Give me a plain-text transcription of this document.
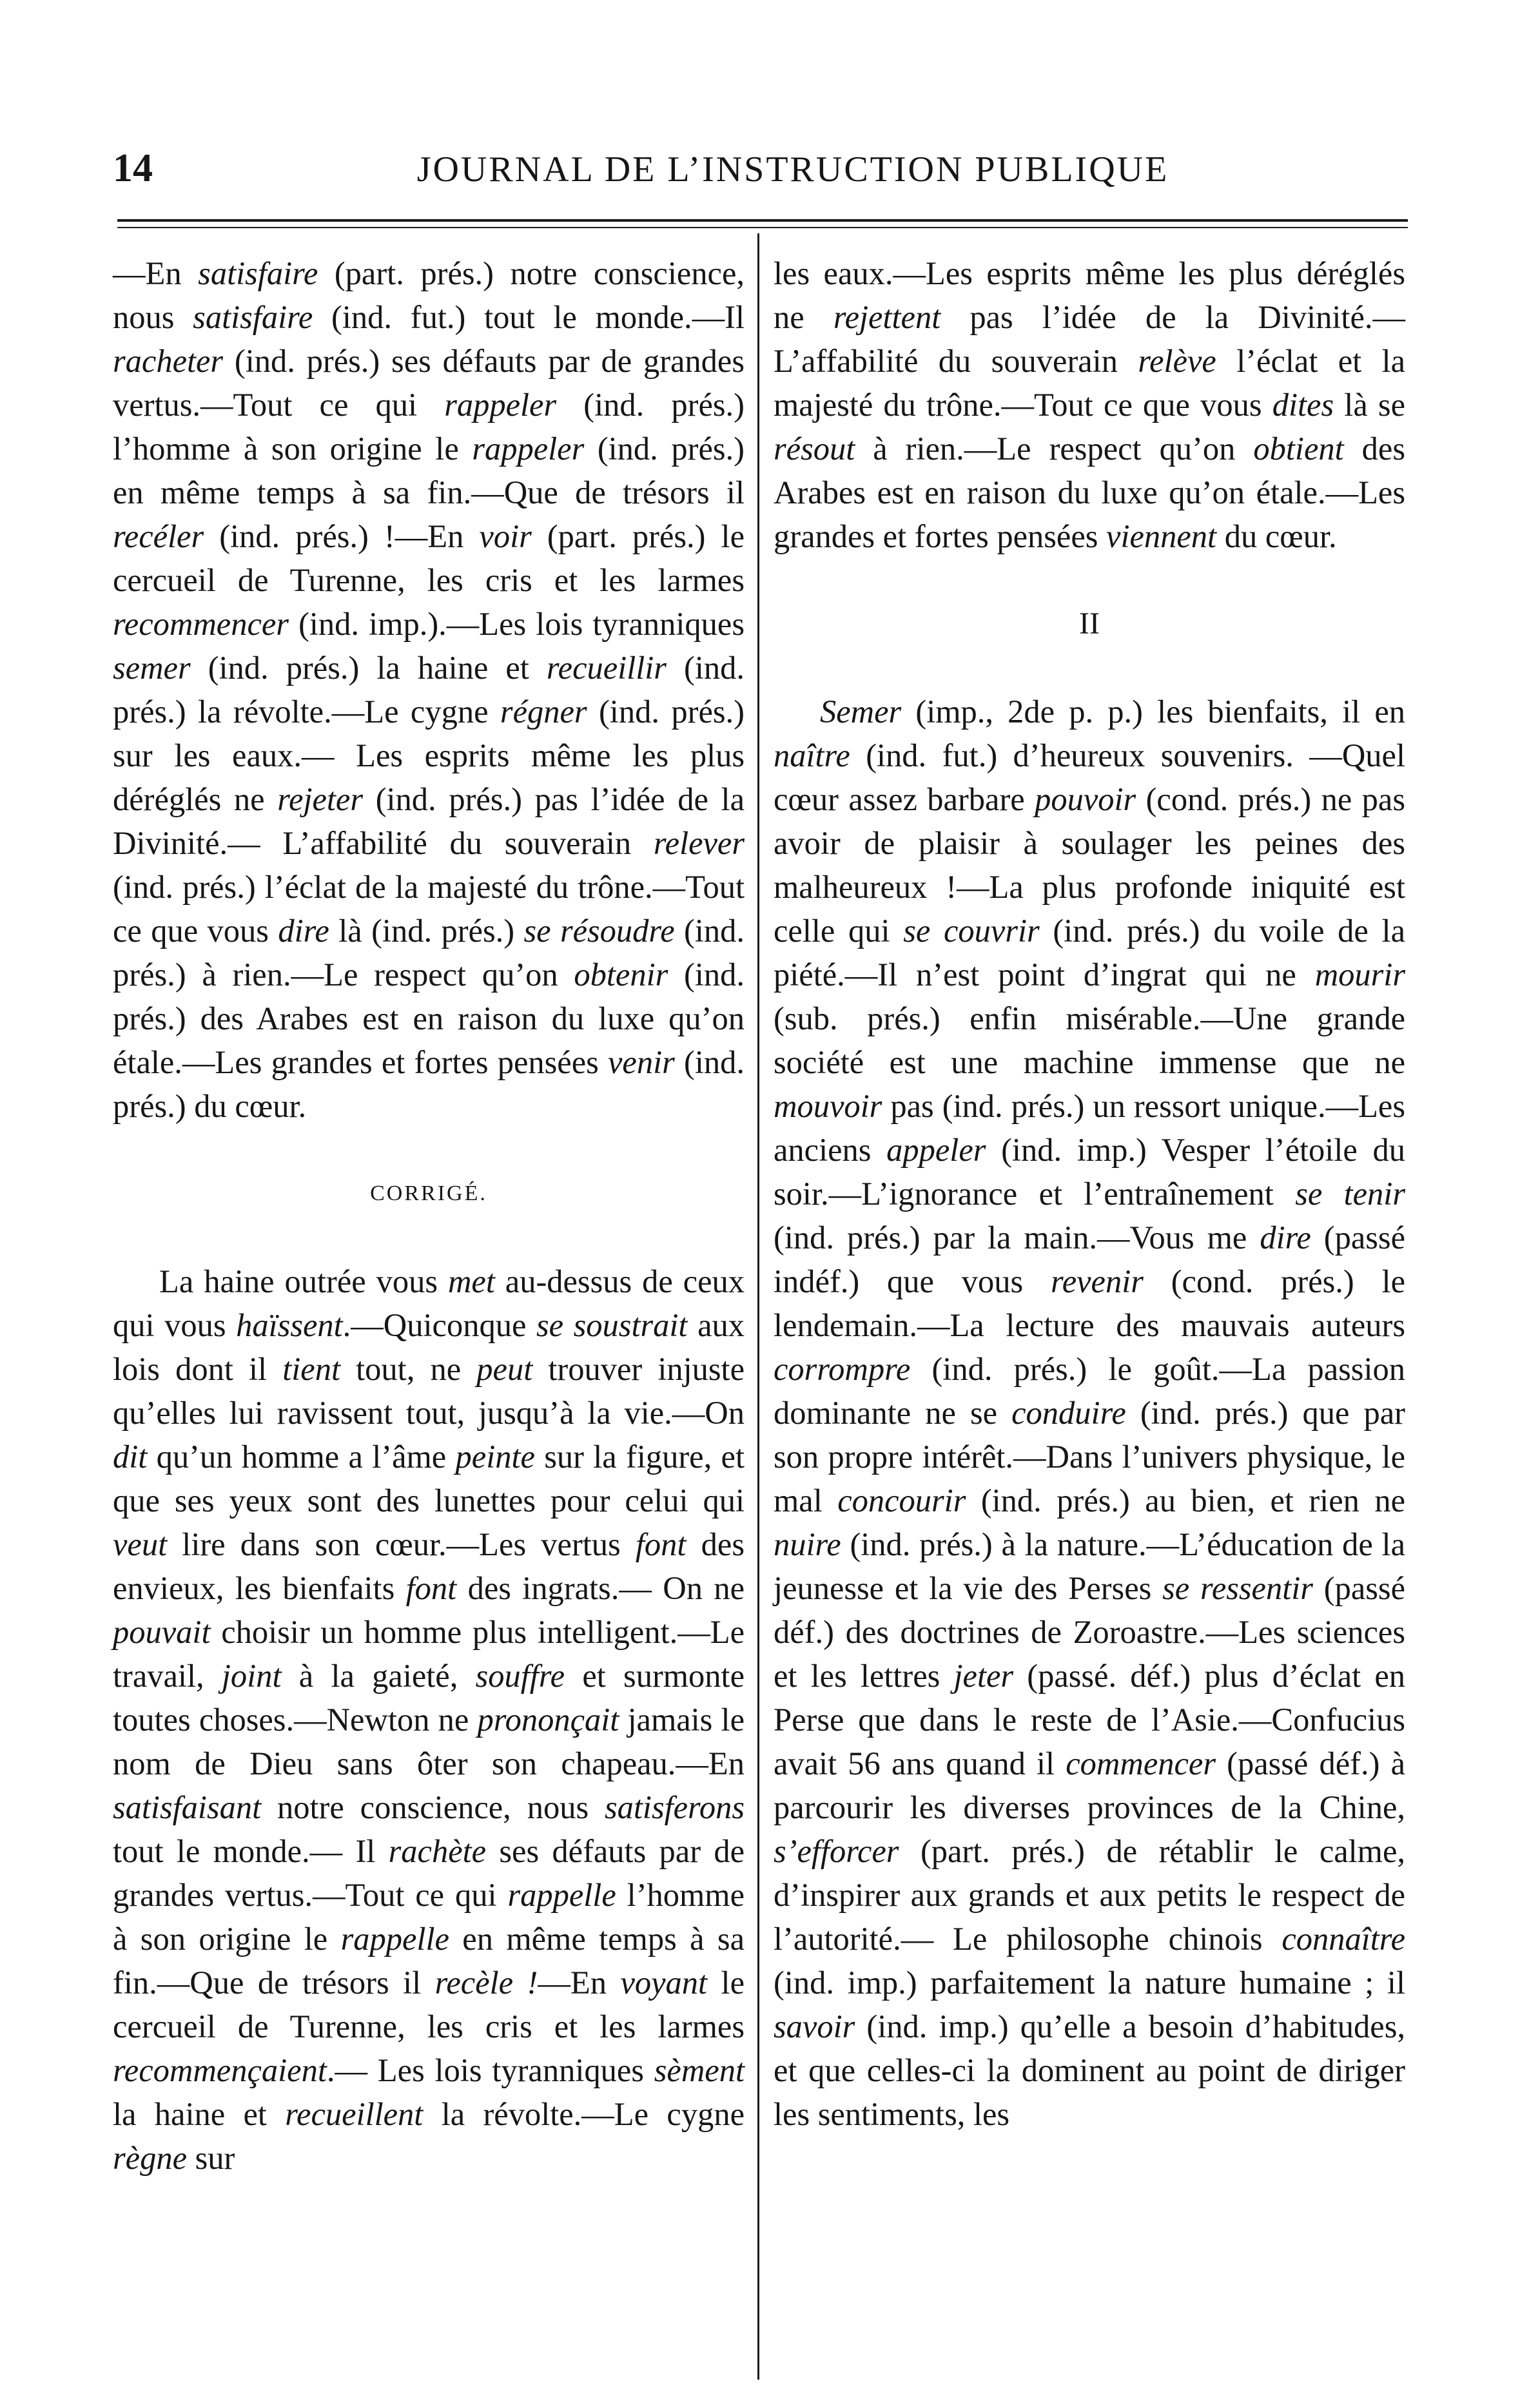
14	JOURNAL DE L’INSTRUCTION PUBLIQUE

—En satisfaire (part. prés.) notre conscience, nous satisfaire (ind. fut.) tout le monde.—Il racheter (ind. prés.) ses défauts par de grandes vertus.—Tout ce qui rappeler (ind. prés.) l’homme à son origine le rappeler (ind. prés.) en même temps à sa fin.—Que de trésors il recéler (ind. prés.) !—En voir (part. prés.) le cercueil de Turenne, les cris et les larmes recommencer (ind. imp.).—Les lois tyranniques semer (ind. prés.) la haine et recueillir (ind. prés.) la révolte.—Le cygne régner (ind. prés.) sur les eaux.— Les esprits même les plus déréglés ne rejeter (ind. prés.) pas l’idée de la Divinité.— L’affabilité du souverain relever (ind. prés.) l’éclat de la majesté du trône.—Tout ce que vous dire là (ind. prés.) se résoudre (ind. prés.) à rien.—Le respect qu’on obtenir (ind. prés.) des Arabes est en raison du luxe qu’on étale.—Les grandes et fortes pensées venir (ind. prés.) du cœur.

CORRIGÉ.

La haine outrée vous met au-dessus de ceux qui vous haïssent.—Quiconque se soustrait aux lois dont il tient tout, ne peut trouver injuste qu’elles lui ravissent tout, jusqu’à la vie.—On dit qu’un homme a l’âme peinte sur la figure, et que ses yeux sont des lunettes pour celui qui veut lire dans son cœur.—Les vertus font des envieux, les bienfaits font des ingrats.— On ne pouvait choisir un homme plus intelligent.—Le travail, joint à la gaieté, souffre et surmonte toutes choses.—Newton ne prononçait jamais le nom de Dieu sans ôter son chapeau.—En satisfaisant notre conscience, nous satisferons tout le monde.— Il rachète ses défauts par de grandes vertus.—Tout ce qui rappelle l’homme à son origine le rappelle en même temps à sa fin.—Que de trésors il recèle !—En voyant le cercueil de Turenne, les cris et les larmes recommençaient.— Les lois tyranniques sèment la haine et recueillent la révolte.—Le cygne règne sur

les eaux.—Les esprits même les plus déréglés ne rejettent pas l’idée de la Divinité.—L’affabilité du souverain relève l’éclat et la majesté du trône.—Tout ce que vous dites là se résout à rien.—Le respect qu’on obtient des Arabes est en raison du luxe qu’on étale.—Les grandes et fortes pensées viennent du cœur.

II

Semer (imp., 2de p. p.) les bienfaits, il en naître (ind. fut.) d’heureux souvenirs. —Quel cœur assez barbare pouvoir (cond. prés.) ne pas avoir de plaisir à soulager les peines des malheureux !—La plus profonde iniquité est celle qui se couvrir (ind. prés.) du voile de la piété.—Il n’est point d’ingrat qui ne mourir (sub. prés.) enfin misérable.—Une grande société est une machine immense que ne mouvoir pas (ind. prés.) un ressort unique.—Les anciens appeler (ind. imp.) Vesper l’étoile du soir.—L’ignorance et l’entraînement se tenir (ind. prés.) par la main.—Vous me dire (passé indéf.) que vous revenir (cond. prés.) le lendemain.—La lecture des mauvais auteurs corrompre (ind. prés.) le goût.—La passion dominante ne se conduire (ind. prés.) que par son propre intérêt.—Dans l’univers physique, le mal concourir (ind. prés.) au bien, et rien ne nuire (ind. prés.) à la nature.—L’éducation de la jeunesse et la vie des Perses se ressentir (passé déf.) des doctrines de Zoroastre.—Les sciences et les lettres jeter (passé. déf.) plus d’éclat en Perse que dans le reste de l’Asie.—Confucius avait 56 ans quand il commencer (passé déf.) à parcourir les diverses provinces de la Chine, s’efforcer (part. prés.) de rétablir le calme, d’inspirer aux grands et aux petits le respect de l’autorité.— Le philosophe chinois connaître (ind. imp.) parfaitement la nature humaine ; il savoir (ind. imp.) qu’elle a besoin d’habitudes, et que celles-ci la dominent au point de diriger les sentiments, les
